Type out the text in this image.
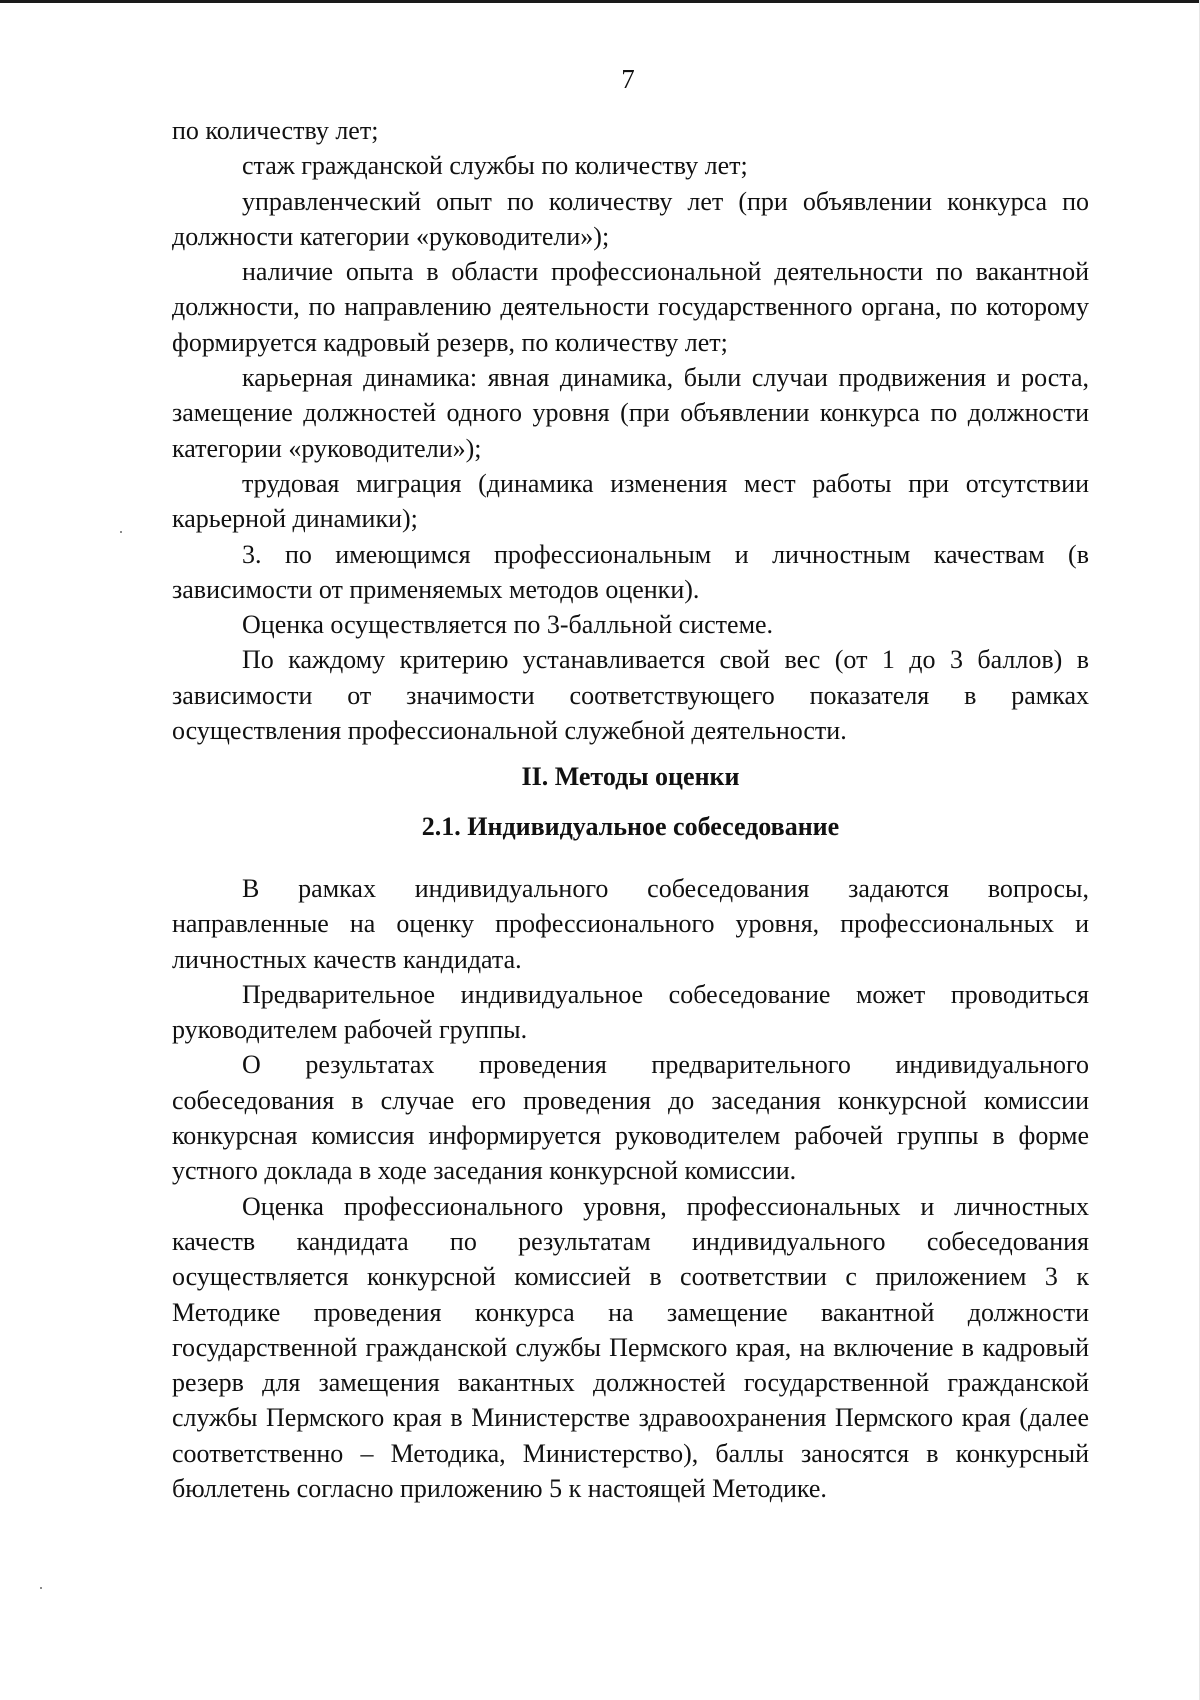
7

по количеству лет;

стаж гражданской службы по количеству лет;

управленческий опыт по количеству лет (при объявлении конкурса по должности категории «руководители»);

наличие опыта в области профессиональной деятельности по вакантной должности, по направлению деятельности государственного органа, по которому формируется кадровый резерв, по количеству лет;

карьерная динамика: явная динамика, были случаи продвижения и роста, замещение должностей одного уровня (при объявлении конкурса по должности категории «руководители»);

трудовая миграция (динамика изменения мест работы при отсутствии карьерной динамики);

3. по имеющимся профессиональным и личностным качествам (в зависимости от применяемых методов оценки).

Оценка осуществляется по 3-балльной системе.

По каждому критерию устанавливается свой вес (от 1 до 3 баллов) в зависимости от значимости соответствующего показателя в рамках осуществления профессиональной служебной деятельности.

II. Методы оценки

2.1. Индивидуальное собеседование

В рамках индивидуального собеседования задаются вопросы, направленные на оценку профессионального уровня, профессиональных и личностных качеств кандидата.

Предварительное индивидуальное собеседование может проводиться руководителем рабочей группы.

О результатах проведения предварительного индивидуального собеседования в случае его проведения до заседания конкурсной комиссии конкурсная комиссия информируется руководителем рабочей группы в форме устного доклада в ходе заседания конкурсной комиссии.

Оценка профессионального уровня, профессиональных и личностных качеств кандидата по результатам индивидуального собеседования осуществляется конкурсной комиссией в соответствии с приложением 3 к Методике проведения конкурса на замещение вакантной должности государственной гражданской службы Пермского края, на включение в кадровый резерв для замещения вакантных должностей государственной гражданской службы Пермского края в Министерстве здравоохранения Пермского края (далее соответственно – Методика, Министерство), баллы заносятся в конкурсный бюллетень согласно приложению 5 к настоящей Методике.
